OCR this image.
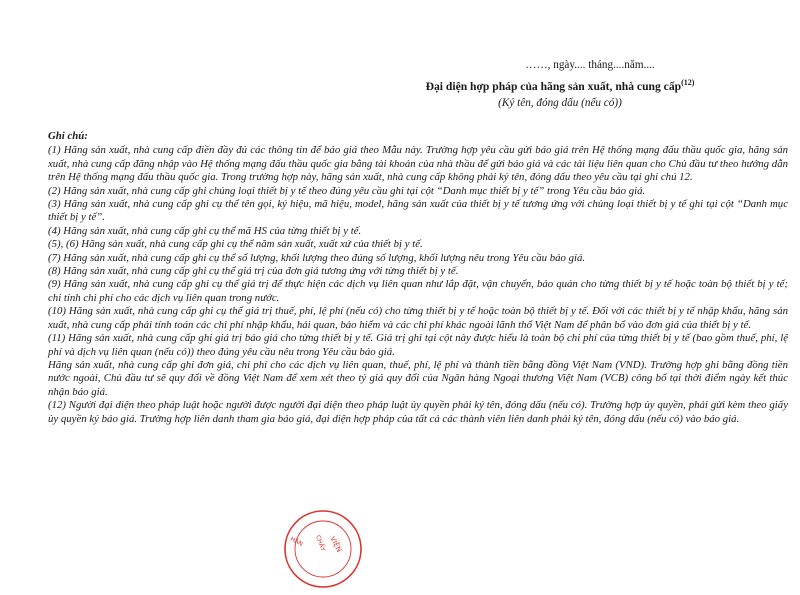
……, ngày.... tháng....năm....
Đại diện hợp pháp của hãng sản xuất, nhà cung cấp$^{(12)}$
(Ký tên, đóng dấu (nếu có))
Ghi chú:

(1) Hãng sản xuất, nhà cung cấp điền đầy đủ các thông tin để báo giá theo Mẫu này. Trường hợp yêu cầu gửi báo giá trên Hệ thống mạng đấu thầu quốc gia, hãng sản xuất, nhà cung cấp đăng nhập vào Hệ thống mạng đấu thầu quốc gia bằng tài khoản của nhà thầu để gửi báo giá và các tài liệu liên quan cho Chủ đầu tư theo hướng dẫn trên Hệ thống mạng đấu thầu quốc gia. Trong trường hợp này, hãng sản xuất, nhà cung cấp không phải ký tên, đóng dấu theo yêu cầu tại ghi chú 12.

(2) Hãng sản xuất, nhà cung cấp ghi chủng loại thiết bị y tế theo đúng yêu cầu ghi tại cột “Danh mục thiết bị y tế” trong Yêu cầu báo giá.

(3) Hãng sản xuất, nhà cung cấp ghi cụ thể tên gọi, ký hiệu, mã hiệu, model, hãng sản xuất của thiết bị y tế tương ứng với chủng loại thiết bị y tế ghi tại cột “Danh mục thiết bị y tế”.

(4) Hãng sản xuất, nhà cung cấp ghi cụ thể mã HS của từng thiết bị y tế.

(5), (6) Hãng sản xuất, nhà cung cấp ghi cụ thể năm sản xuất, xuất xứ của thiết bị y tế.

(7) Hãng sản xuất, nhà cung cấp ghi cụ thể số lượng, khối lượng theo đúng số lượng, khối lượng nêu trong Yêu cầu báo giá.

(8) Hãng sản xuất, nhà cung cấp ghi cụ thể giá trị của đơn giá tương ứng với từng thiết bị y tế.

(9) Hãng sản xuất, nhà cung cấp ghi cụ thể giá trị để thực hiện các dịch vụ liên quan như lắp đặt, vận chuyển, bảo quản cho từng thiết bị y tế hoặc toàn bộ thiết bị y tế; chi tính chi phí cho các dịch vụ liên quan trong nước.

(10) Hãng sản xuất, nhà cung cấp ghi cụ thể giá trị thuế, phí, lệ phí (nếu có) cho từng thiết bị y tế hoặc toàn bộ thiết bị y tế. Đối với các thiết bị y tế nhập khẩu, hãng sản xuất, nhà cung cấp phải tính toán các chi phí nhập khẩu, hải quan, bảo hiểm và các chi phí khác ngoài lãnh thổ Việt Nam để phân bổ vào đơn giá của thiết bị y tế.

(11) Hãng sản xuất, nhà cung cấp ghi giá trị báo giá cho từng thiết bị y tế. Giá trị ghi tại cột này được hiểu là toàn bộ chi phí của từng thiết bị y tế (bao gồm thuế, phí, lệ phí và dịch vụ liên quan (nếu có)) theo đúng yêu cầu nêu trong Yêu cầu báo giá.

Hãng sản xuất, nhà cung cấp ghi đơn giá, chi phí cho các dịch vụ liên quan, thuế, phí, lệ phí và thành tiền bằng đồng Việt Nam (VND). Trường hợp ghi bằng đồng tiền nước ngoài, Chủ đầu tư sẽ quy đổi về đồng Việt Nam để xem xét theo tỷ giá quy đổi của Ngân hàng Ngoại thương Việt Nam (VCB) công bố tại thời điểm ngày kết thúc nhận báo giá.

(12) Người đại diện theo pháp luật hoặc người được người đại diện theo pháp luật ủy quyền phải ký tên, đóng dấu (nếu có). Trường hợp ủy quyền, phải gửi kèm theo giấy ủy quyền ký báo giá. Trường hợp liên danh tham gia báo giá, đại diện hợp pháp của tất cả các thành viên liên danh phải ký tên, đóng dấu (nếu có) vào báo giá.

VIỆN
CHẤY
HÀN
